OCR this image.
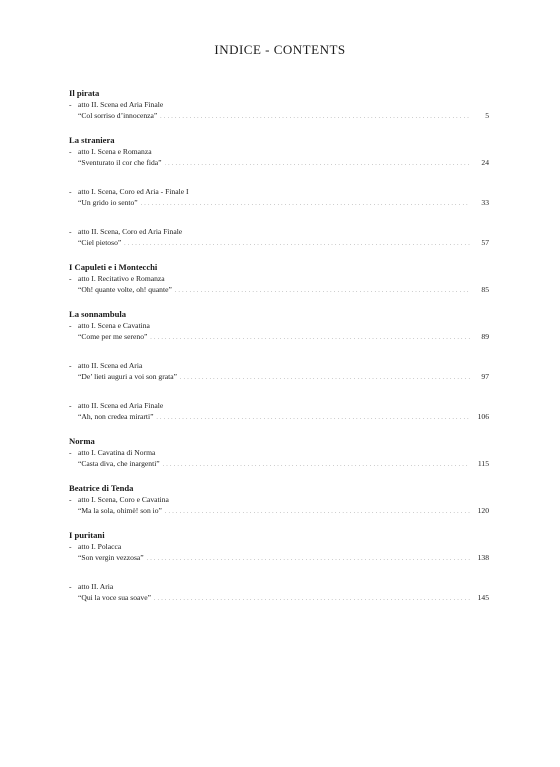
INDICE - CONTENTS
Il pirata
- atto II. Scena ed Aria Finale
“Col sorriso d’innocenza” . . .	5
La straniera
- atto I. Scena e Romanza
“Sventurato il cor che fida” . . .	24
- atto I. Scena, Coro ed Aria - Finale I
“Un grido io sento” . . .	33
- atto II. Scena, Coro ed Aria Finale
“Ciel pietoso” . . .	57
I Capuleti e i Montecchi
- atto I. Recitativo e Romanza
“Oh! quante volte, oh! quante” . . .	85
La sonnambula
- atto I. Scena e Cavatina
“Come per me sereno” . . .	89
- atto II. Scena ed Aria
“De’ lieti auguri a voi son grata” . . .	97
- atto II. Scena ed Aria Finale
“Ah, non credea mirarti” . . .	106
Norma
- atto I. Cavatina di Norma
“Casta diva, che inargenti” . . .	115
Beatrice di Tenda
- atto I. Scena, Coro e Cavatina
“Ma la sola, ohimè! son io” . . .	120
I puritani
- atto I. Polacca
“Son vergin vezzosa” . . .	138
- atto II. Aria
“Qui la voce sua soave” . . .	145
